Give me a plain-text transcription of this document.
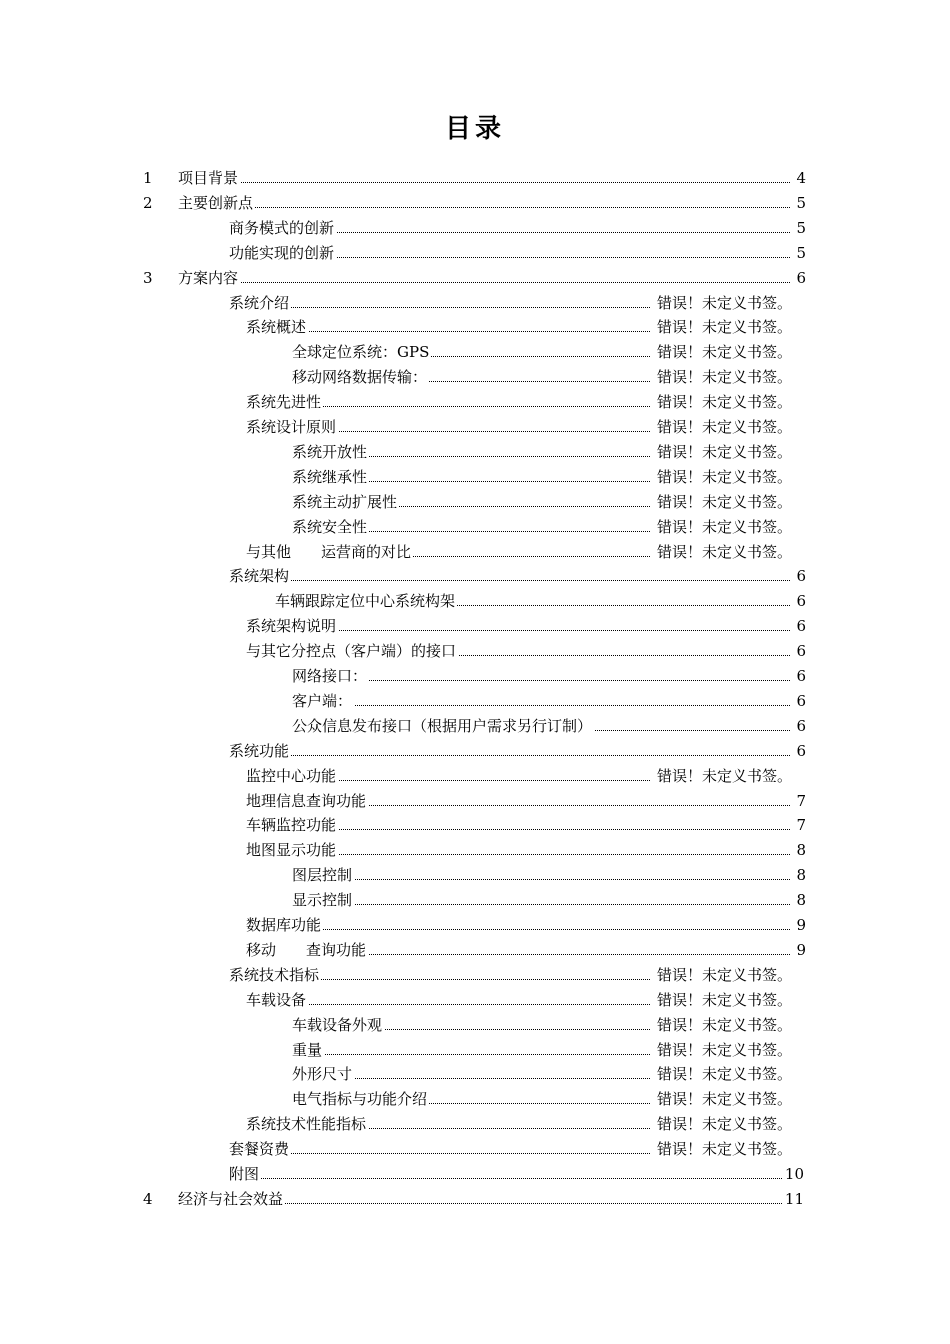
目录
1 项目背景	4
2 主要创新点	5
商务模式的创新	5
功能实现的创新	5
3 方案内容	6
系统介绍	错误！未定义书签。
系统概述	错误！未定义书签。
全球定位系统：GPS	错误！未定义书签。
移动网络数据传输：	错误！未定义书签。
系统先进性	错误！未定义书签。
系统设计原则	错误！未定义书签。
系统开放性	错误！未定义书签。
系统继承性	错误！未定义书签。
系统主动扩展性	错误！未定义书签。
系统安全性	错误！未定义书签。
与其他　　运营商的对比	错误！未定义书签。
系统架构	6
车辆跟踪定位中心系统构架	6
系统架构说明	6
与其它分控点（客户端）的接口	6
网络接口：	6
客户端：	6
公众信息发布接口（根据用户需求另行订制）	6
系统功能	6
监控中心功能	错误！未定义书签。
地理信息查询功能	7
车辆监控功能	7
地图显示功能	8
图层控制	8
显示控制	8
数据库功能	9
移动　　查询功能	9
系统技术指标	错误！未定义书签。
车载设备	错误！未定义书签。
车载设备外观	错误！未定义书签。
重量	错误！未定义书签。
外形尺寸	错误！未定义书签。
电气指标与功能介绍	错误！未定义书签。
系统技术性能指标	错误！未定义书签。
套餐资费	错误！未定义书签。
附图	10
4 经济与社会效益	11
